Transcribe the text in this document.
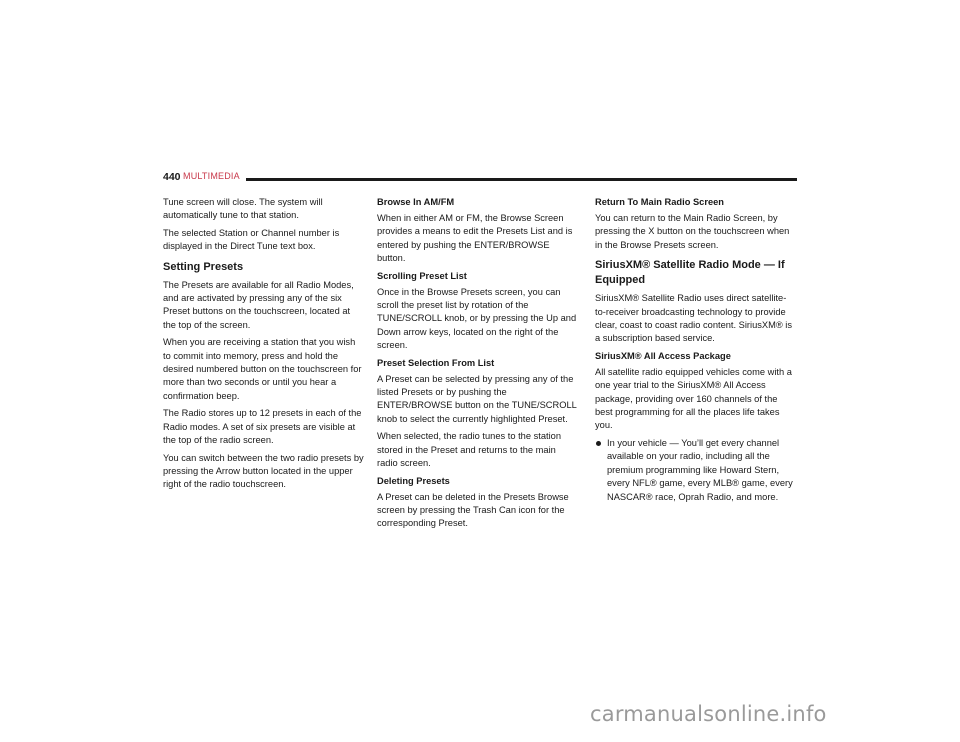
440 MULTIMEDIA

Tune screen will close. The system will automatically tune to that station.

The selected Station or Channel number is displayed in the Direct Tune text box.

Setting Presets

The Presets are available for all Radio Modes, and are activated by pressing any of the six Preset buttons on the touchscreen, located at the top of the screen.

When you are receiving a station that you wish to commit into memory, press and hold the desired numbered button on the touchscreen for more than two seconds or until you hear a confirmation beep.

The Radio stores up to 12 presets in each of the Radio modes. A set of six presets are visible at the top of the radio screen.

You can switch between the two radio presets by pressing the Arrow button located in the upper right of the radio touchscreen.

Browse In AM/FM

When in either AM or FM, the Browse Screen provides a means to edit the Presets List and is entered by pushing the ENTER/BROWSE button.

Scrolling Preset List

Once in the Browse Presets screen, you can scroll the preset list by rotation of the TUNE/SCROLL knob, or by pressing the Up and Down arrow keys, located on the right of the screen.

Preset Selection From List

A Preset can be selected by pressing any of the listed Presets or by pushing the ENTER/BROWSE button on the TUNE/SCROLL knob to select the currently highlighted Preset.

When selected, the radio tunes to the station stored in the Preset and returns to the main radio screen.

Deleting Presets

A Preset can be deleted in the Presets Browse screen by pressing the Trash Can icon for the corresponding Preset.

Return To Main Radio Screen

You can return to the Main Radio Screen, by pressing the X button on the touchscreen when in the Browse Presets screen.

SiriusXM® Satellite Radio Mode — If Equipped

SiriusXM® Satellite Radio uses direct satellite-to-receiver broadcasting technology to provide clear, coast to coast radio content. SiriusXM® is a subscription based service.

SiriusXM® All Access Package

All satellite radio equipped vehicles come with a one year trial to the SiriusXM® All Access package, providing over 160 channels of the best programming for all the places life takes you.

In your vehicle — You’ll get every channel available on your radio, including all the premium programming like Howard Stern, every NFL® game, every MLB® game, every NASCAR® race, Oprah Radio, and more.
carmanualsonline.info
